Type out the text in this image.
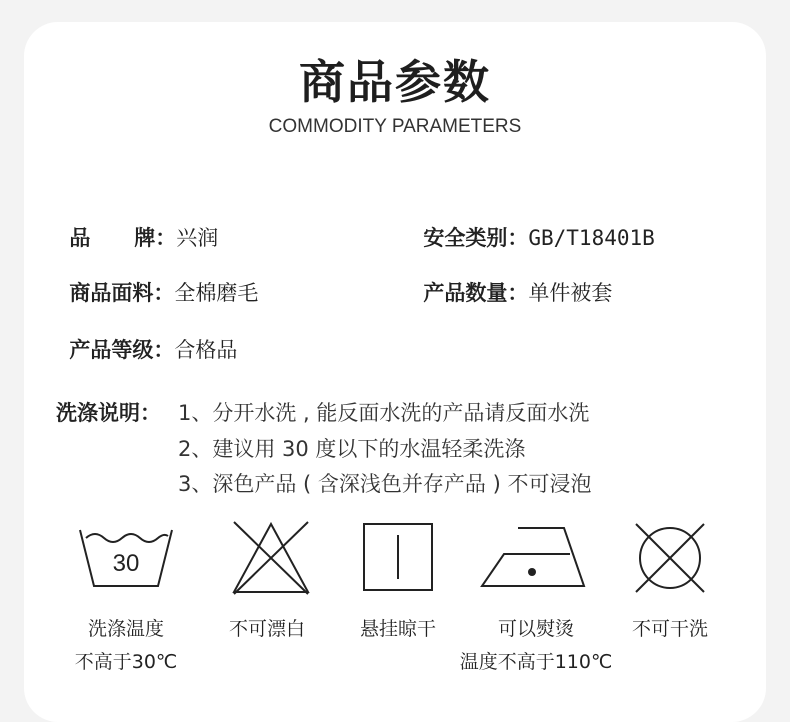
商品参数
COMMODITY PARAMETERS

品      牌：兴润	安全类别：GB/T18401B

商品面料：全棉磨毛	产品数量：单件被套

产品等级：合格品

洗涤说明： 1、分开水洗 , 能反面水洗的产品请反面水洗
2、建议用 30 度以下的水温轻柔洗涤
3、深色产品 ( 含深浅色并存产品 ) 不可浸泡
30
洗涤温度
不高于30℃
不可漂白	悬挂晾干	可以熨烫
温度不高于110℃
不可干洗
